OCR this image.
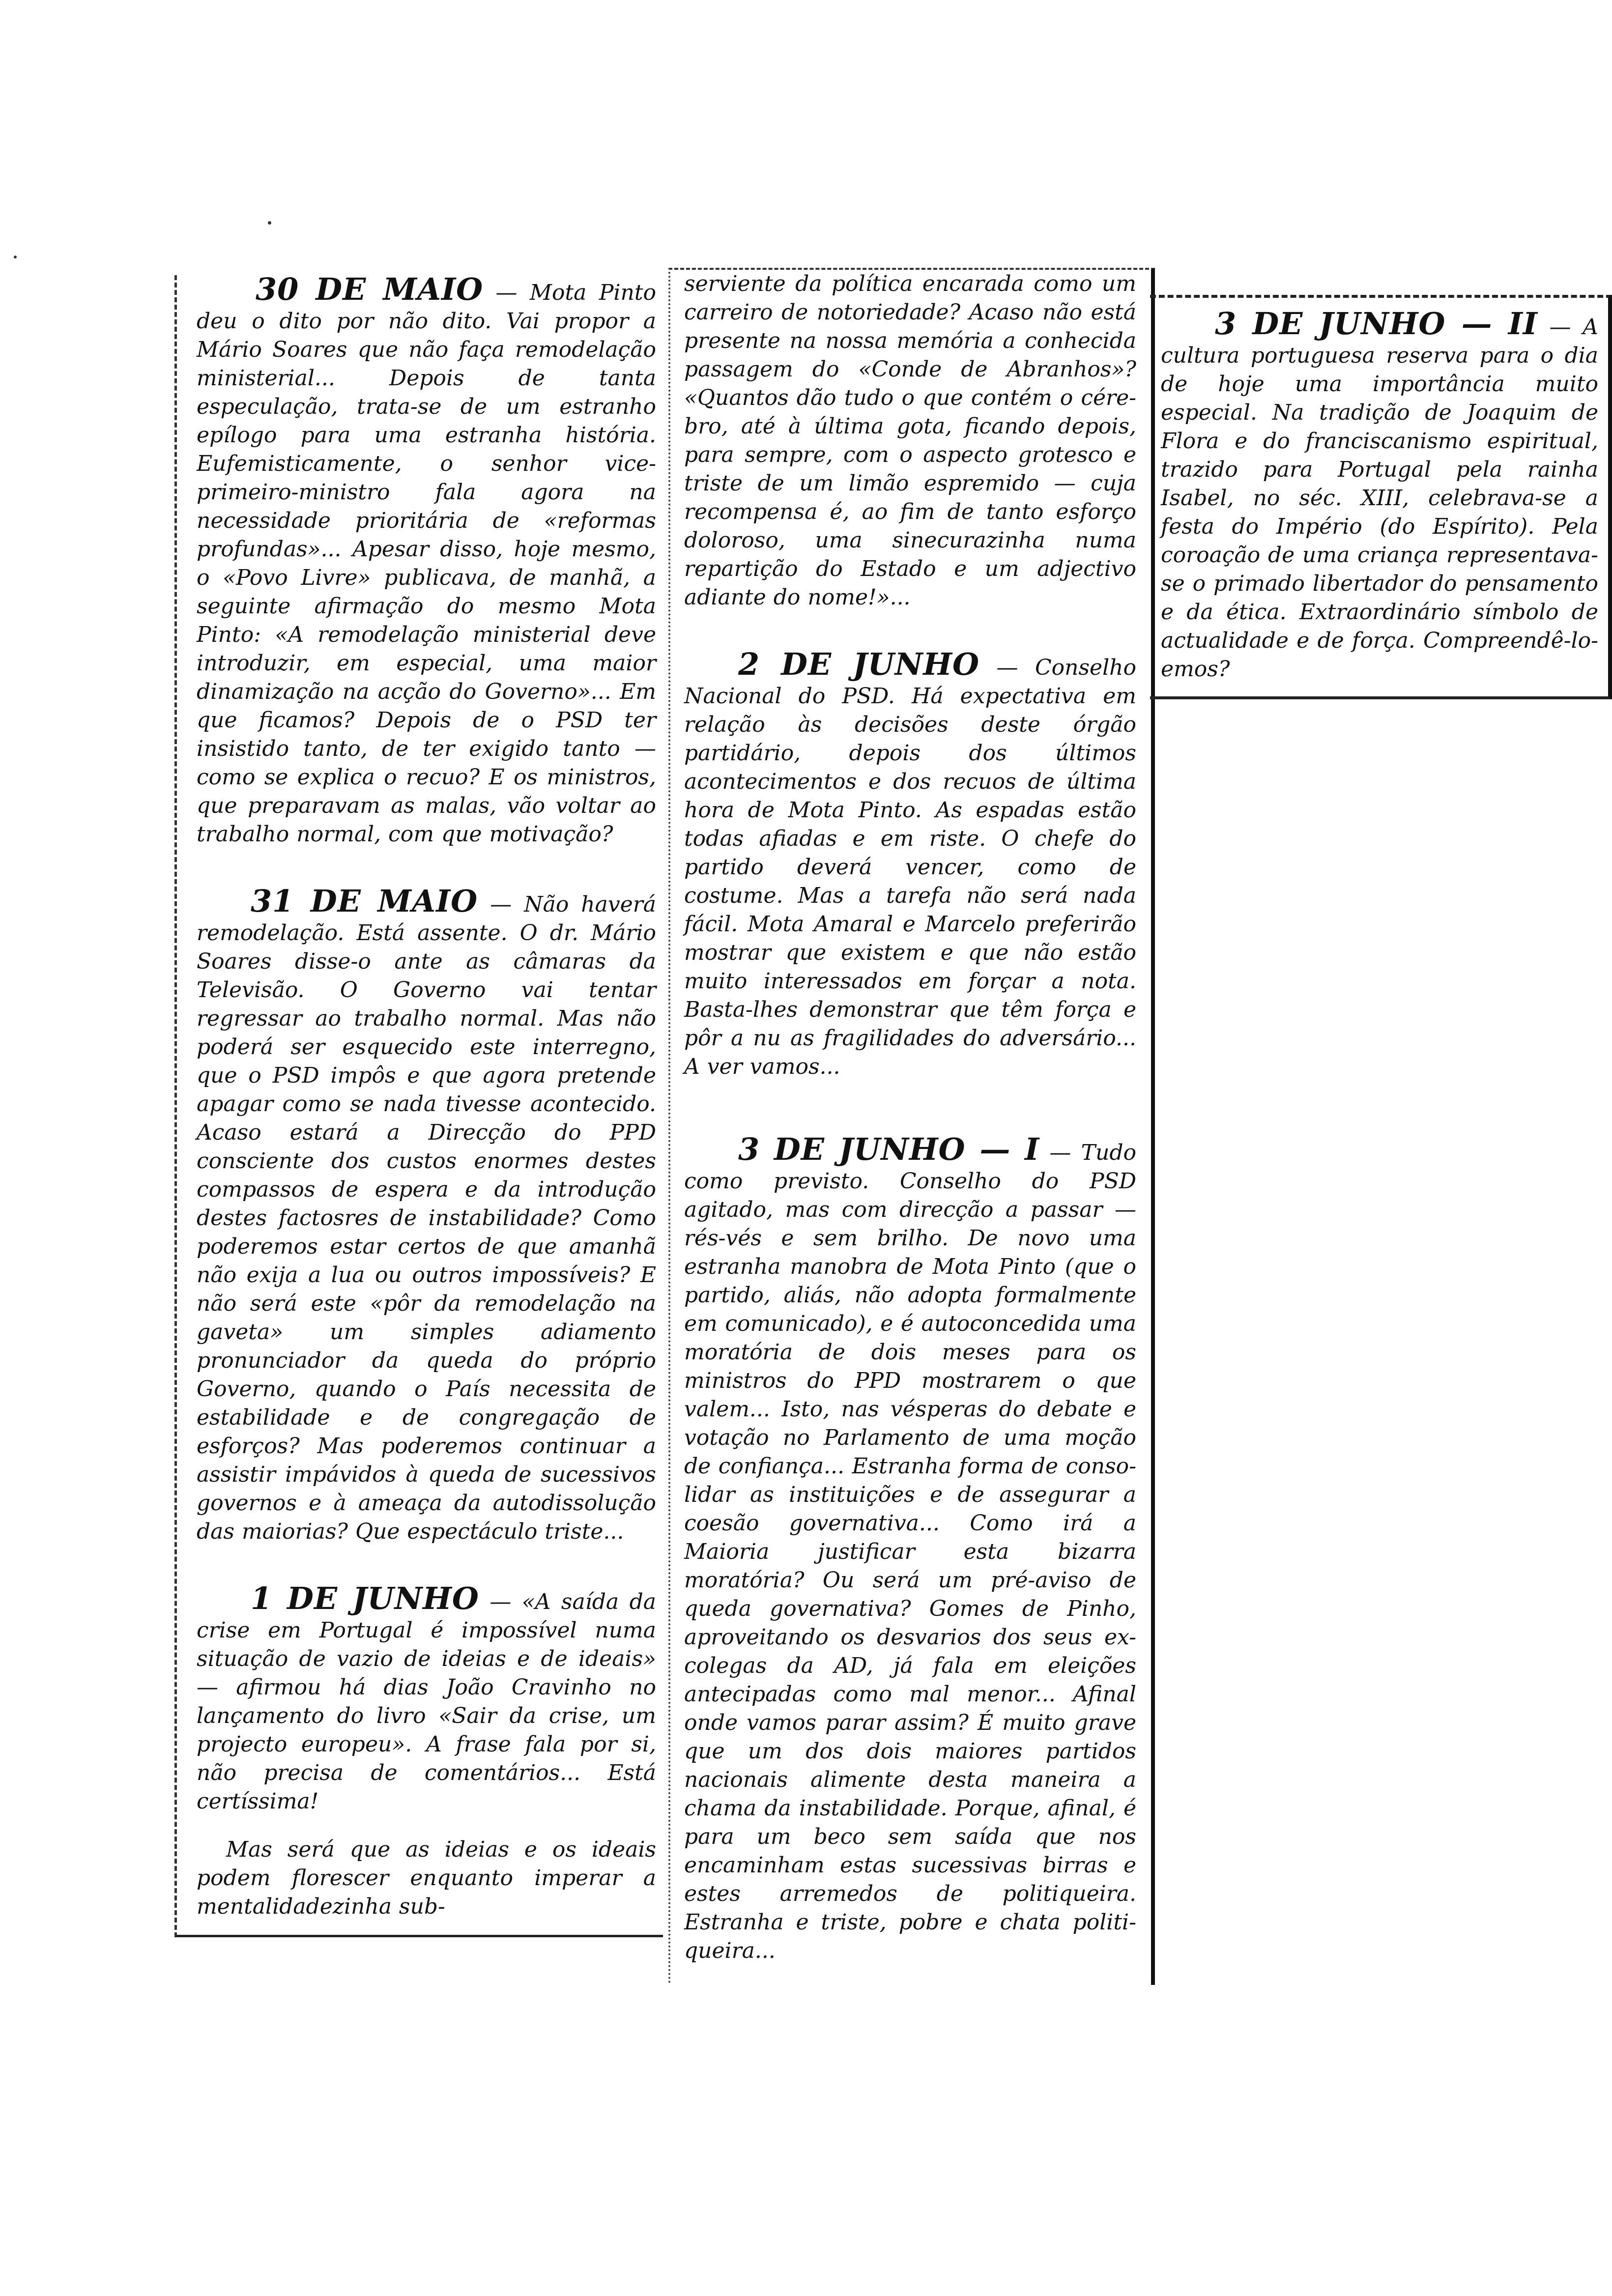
30 DE MAIO — Mota Pinto deu o dito por não dito. Vai propor a Mário Soares que não faça remodelação ministerial... Depois de tanta especulação, trata-se de um estranho epílogo para uma estranha história. Eufemisticamente, o senhor vice-primeiro-ministro fala agora na necessidade prioritária de «reformas profundas»... Apesar disso, hoje mesmo, o «Povo Livre» publicava, de manhã, a seguinte afirmação do mesmo Mota Pinto: «A remodelação ministerial deve introduzir, em especial, uma maior dinamização na acção do Governo»... Em que ficamos? Depois de o PSD ter insistido tanto, de ter exigido tanto — como se explica o recuo? E os ministros, que preparavam as malas, vão voltar ao trabalho normal, com que motivação?

31 DE MAIO — Não haverá remodelação. Está assente. O dr. Mário Soares disse-o ante as câmaras da Televisão. O Governo vai tentar regressar ao trabalho normal. Mas não poderá ser esquecido este interregno, que o PSD impôs e que agora pretende apagar como se nada tivesse acontecido. Acaso estará a Direcção do PPD consciente dos custos enormes destes compassos de espera e da introdução destes factosres de instabilidade? Como poderemos estar certos de que amanhã não exija a lua ou outros impossíveis? E não será este «pôr da remodelação na gaveta» um simples adiamento pronunciador da queda do próprio Governo, quando o País necessita de estabilidade e de congregação de esforços? Mas poderemos continuar a assistir impávidos à queda de sucessivos governos e à ameaça da autodissolução das maiorias? Que espectáculo triste...

1 DE JUNHO — «A saída da crise em Portugal é impossível numa situação de vazio de ideias e de ideais» — afirmou há dias João Cravinho no lançamento do livro «Sair da crise, um projecto europeu». A frase fala por si, não precisa de comentários... Está certíssima!

Mas será que as ideias e os ideais podem florescer enquanto imperar a mentalidadezinha sub-

serviente da política encarada como um carreiro de notoriedade? Acaso não está presente na nossa memória a conhecida passagem do «Conde de Abranhos»? «Quantos dão tudo o que contém o cérebro, até à última gota, ficando depois, para sempre, com o aspecto grotesco e triste de um limão espremido — cuja recompensa é, ao fim de tanto esforço doloroso, uma sinecurazinha numa repartição do Estado e um adjectivo adiante do nome!»...

2 DE JUNHO — Conselho Nacional do PSD. Há expectativa em relação às decisões deste órgão partidário, depois dos últimos acontecimentos e dos recuos de última hora de Mota Pinto. As espadas estão todas afiadas e em riste. O chefe do partido deverá vencer, como de costume. Mas a tarefa não será nada fácil. Mota Amaral e Marcelo preferirão mostrar que existem e que não estão muito interessados em forçar a nota. Basta-lhes demonstrar que têm força e pôr a nu as fragilidades do adversário... A ver vamos...

3 DE JUNHO — I — Tudo como previsto. Conselho do PSD agitado, mas com direcção a passar — rés-vés e sem brilho. De novo uma estranha manobra de Mota Pinto (que o partido, aliás, não adopta formalmente em comunicado), e é autoconcedida uma moratória de dois meses para os ministros do PPD mostrarem o que valem... Isto, nas vésperas do debate e votação no Parlamento de uma moção de confiança... Estranha forma de consolidar as instituições e de assegurar a coesão governativa... Como irá a Maioria justificar esta bizarra moratória? Ou será um pré-aviso de queda governativa? Gomes de Pinho, aproveitando os desvarios dos seus ex-colegas da AD, já fala em eleições antecipadas como mal menor... Afinal onde vamos parar assim? É muito grave que um dos dois maiores partidos nacionais alimente desta maneira a chama da instabilidade. Porque, afinal, é para um beco sem saída que nos encaminham estas sucessivas birras e estes arremedos de politiqueira. Estranha e triste, pobre e chata politiqueira...

3 DE JUNHO — II — A cultura portuguesa reserva para o dia de hoje uma importância muito especial. Na tradição de Joaquim de Flora e do franciscanismo espiritual, trazido para Portugal pela rainha Isabel, no séc. XIII, celebrava-se a festa do Império (do Espírito). Pela coroação de uma criança representava-se o primado libertador do pensamento e da ética. Extraordinário símbolo de actualidade e de força. Compreendê-lo-emos?
